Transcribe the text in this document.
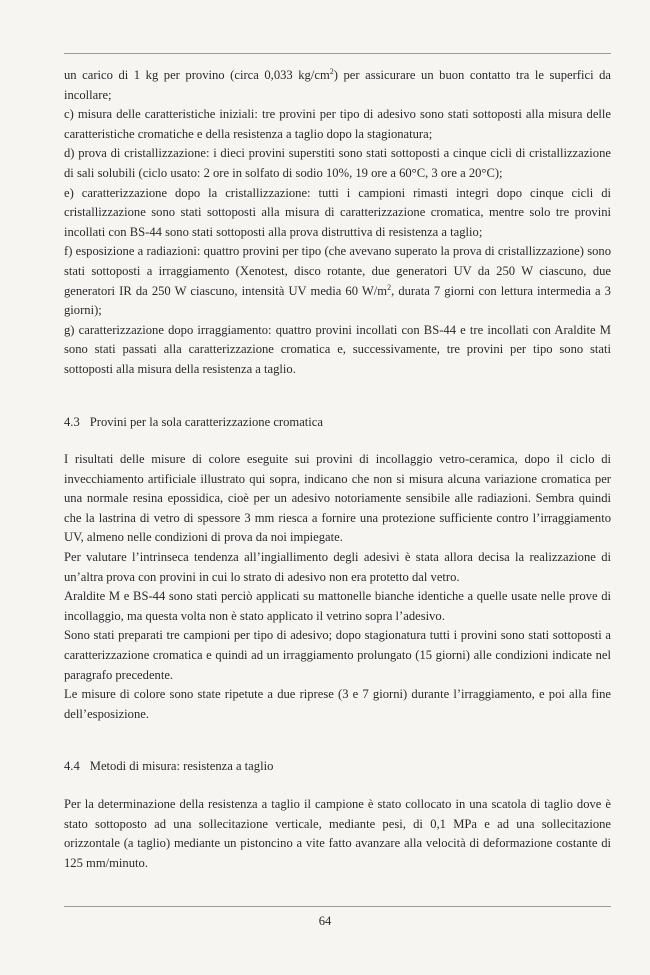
un carico di 1 kg per provino (circa 0,033 $kg/cm^2$) per assicurare un buon contatto tra le superfici da incollare;

c) misura delle caratteristiche iniziali: tre provini per tipo di adesivo sono stati sottoposti alla misura delle caratteristiche cromatiche e della resistenza a taglio dopo la stagionatura;

d) prova di cristallizzazione: i dieci provini superstiti sono stati sottoposti a cinque cicli di cristallizzazione di sali solubili (ciclo usato: 2 ore in solfato di sodio 10%, 19 ore a 60°C, 3 ore a 20°C);

e) caratterizzazione dopo la cristallizzazione: tutti i campioni rimasti integri dopo cinque cicli di cristallizzazione sono stati sottoposti alla misura di caratterizzazione cromatica, mentre solo tre provini incollati con BS-44 sono stati sottoposti alla prova distruttiva di resistenza a taglio;

f) esposizione a radiazioni: quattro provini per tipo (che avevano superato la prova di cristallizzazione) sono stati sottoposti a irraggiamento (Xenotest, disco rotante, due generatori UV da 250 W ciascuno, due generatori IR da 250 W ciascuno, intensità UV media 60 $W/m^2$, durata 7 giorni con lettura intermedia a 3 giorni);

g) caratterizzazione dopo irraggiamento: quattro provini incollati con BS-44 e tre incollati con Araldite M sono stati passati alla caratterizzazione cromatica e, successivamente, tre provini per tipo sono stati sottoposti alla misura della resistenza a taglio.

4.3 Provini per la sola caratterizzazione cromatica

I risultati delle misure di colore eseguite sui provini di incollaggio vetro-ceramica, dopo il ciclo di invecchiamento artificiale illustrato qui sopra, indicano che non si misura alcuna variazione cromatica per una normale resina epossidica, cioè per un adesivo notoriamente sensibile alle radiazioni. Sembra quindi che la lastrina di vetro di spessore 3 mm riesca a fornire una protezione sufficiente contro l’irraggiamento UV, almeno nelle condizioni di prova da noi impiegate.

Per valutare l’intrinseca tendenza all’ingiallimento degli adesivi è stata allora decisa la realizzazione di un’altra prova con provini in cui lo strato di adesivo non era protetto dal vetro.

Araldite M e BS-44 sono stati perciò applicati su mattonelle bianche identiche a quelle usate nelle prove di incollaggio, ma questa volta non è stato applicato il vetrino sopra l’adesivo.

Sono stati preparati tre campioni per tipo di adesivo; dopo stagionatura tutti i provini sono stati sottoposti a caratterizzazione cromatica e quindi ad un irraggiamento prolungato (15 giorni) alle condizioni indicate nel paragrafo precedente.

Le misure di colore sono state ripetute a due riprese (3 e 7 giorni) durante l’irraggiamento, e poi alla fine dell’esposizione.

4.4 Metodi di misura: resistenza a taglio

Per la determinazione della resistenza a taglio il campione è stato collocato in una scatola di taglio dove è stato sottoposto ad una sollecitazione verticale, mediante pesi, di 0,1 MPa e ad una sollecitazione orizzontale (a taglio) mediante un pistoncino a vite fatto avanzare alla velocità di deformazione costante di 125 mm/minuto.

64
